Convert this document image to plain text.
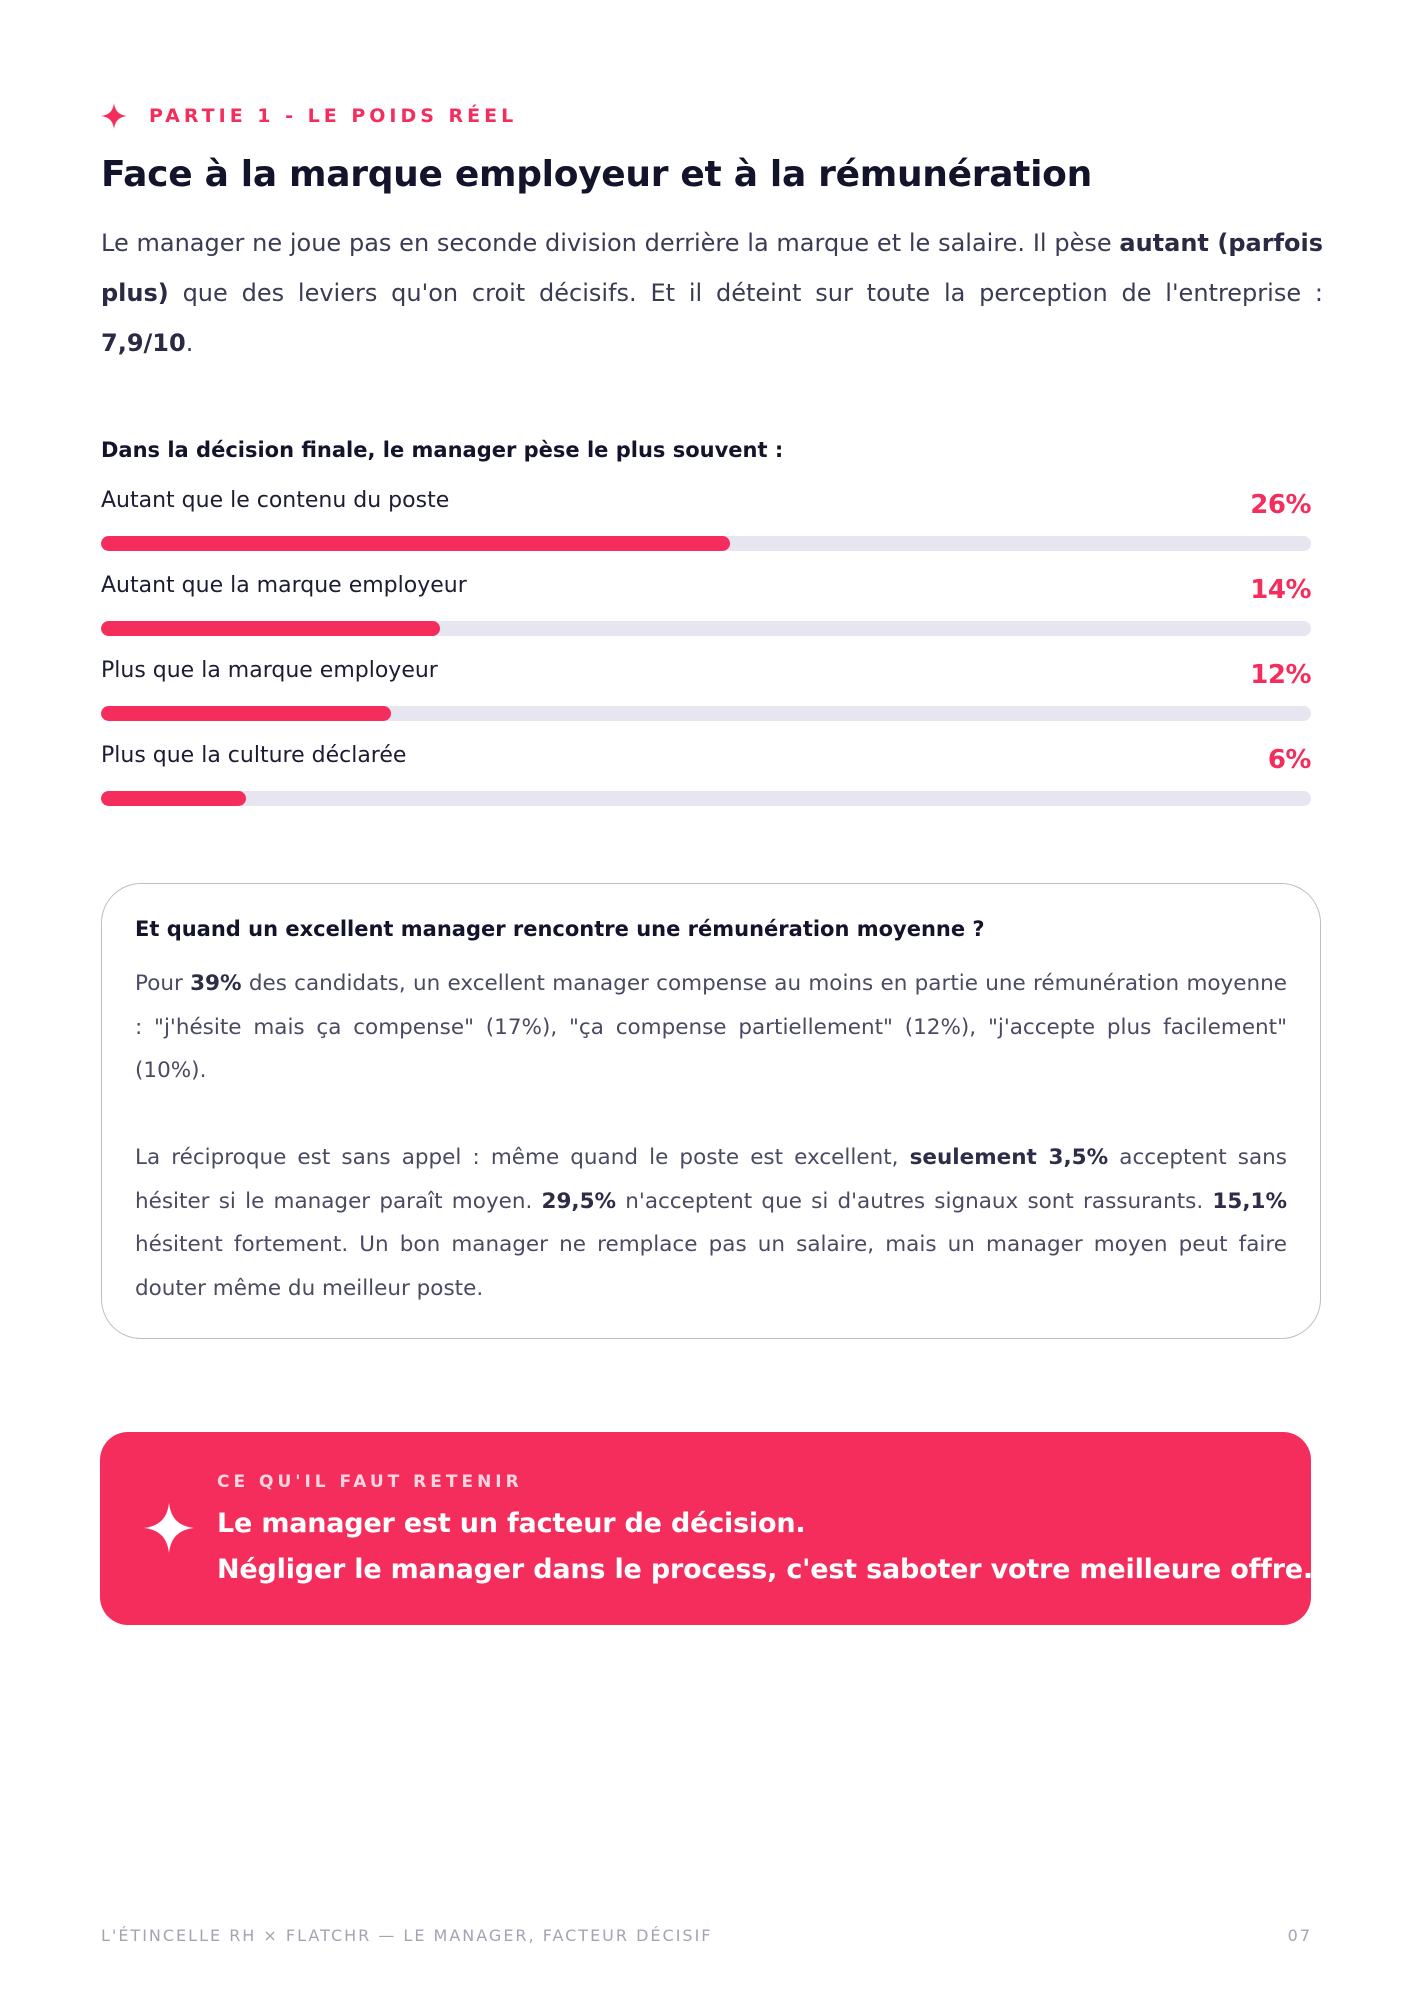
PARTIE 1 - LE POIDS RÉEL
Face à la marque employeur et à la rémunération

Le manager ne joue pas en seconde division derrière la marque et le salaire. Il pèse autant (parfois plus) que des leviers qu'on croit décisifs. Et il déteint sur toute la perception de l'entreprise : 7,9/10.

Dans la décision finale, le manager pèse le plus souvent :
Autant que le contenu du poste	26%
Autant que la marque employeur	14%
Plus que la marque employeur	12%
Plus que la culture déclarée	6%
Et quand un excellent manager rencontre une rémunération moyenne ?

Pour 39% des candidats, un excellent manager compense au moins en partie une rémunération moyenne : "j'hésite mais ça compense" (17%), "ça compense partiellement" (12%), "j'accepte plus facilement" (10%).

La réciproque est sans appel : même quand le poste est excellent, seulement 3,5% acceptent sans hésiter si le manager paraît moyen. 29,5% n'acceptent que si d'autres signaux sont rassurants. 15,1% hésitent fortement. Un bon manager ne remplace pas un salaire, mais un manager moyen peut faire douter même du meilleur poste.

CE QU'IL FAUT RETENIR
Le manager est un facteur de décision.
Négliger le manager dans le process, c'est saboter votre meilleure offre.
L'ÉTINCELLE RH × FLATCHR — LE MANAGER, FACTEUR DÉCISIF	07
